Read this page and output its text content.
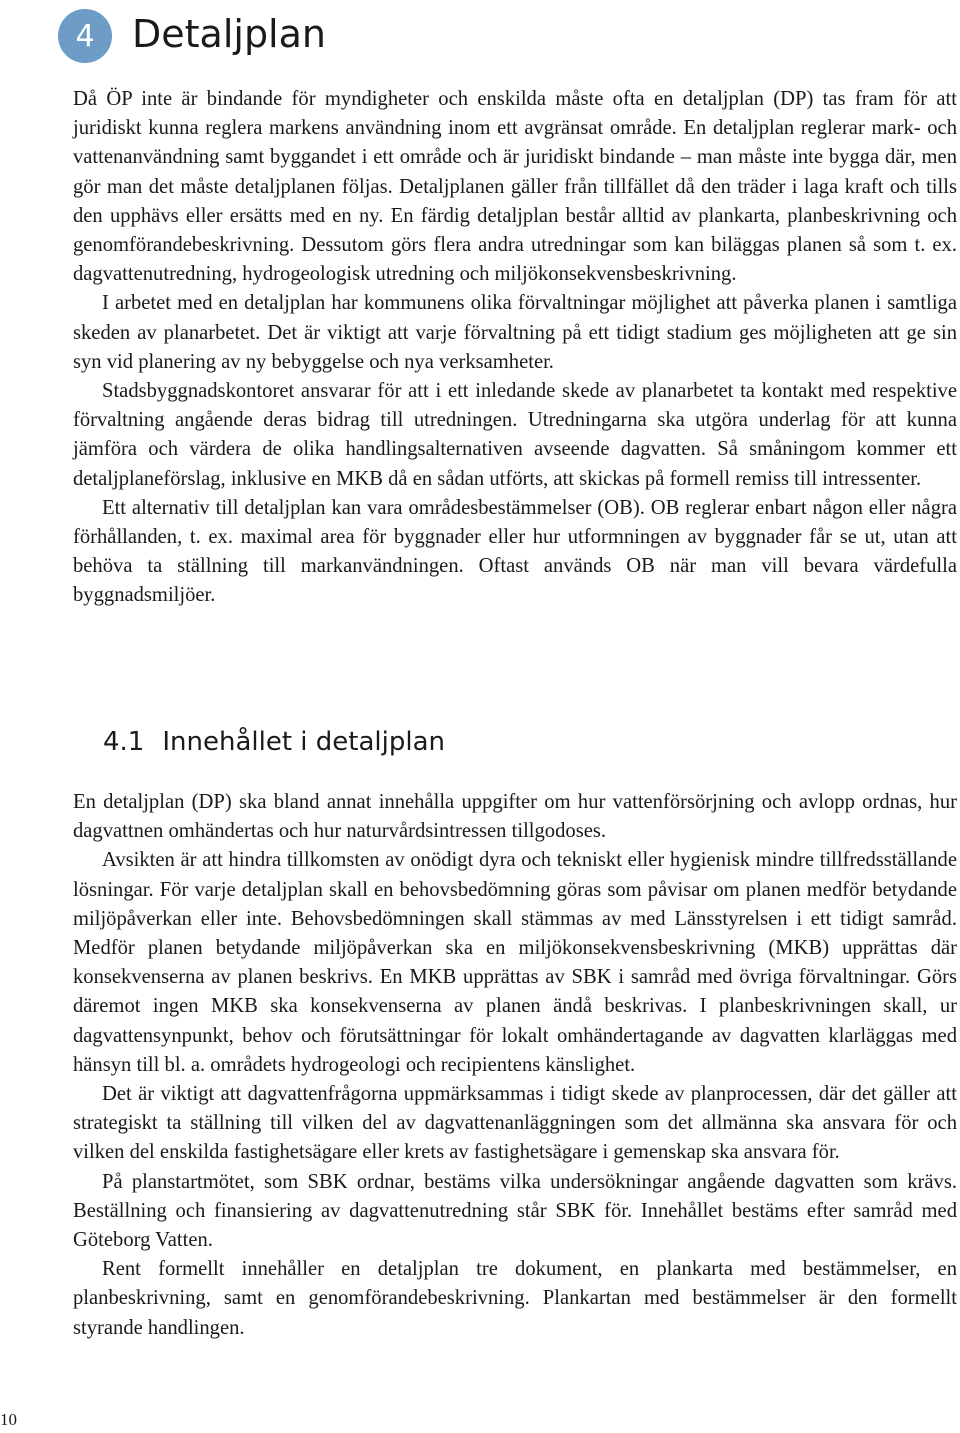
4 Detaljplan

Då ÖP inte är bindande för myndigheter och enskilda måste ofta en detaljplan (DP) tas fram för att juridiskt kunna reglera markens användning inom ett avgränsat område. En detaljplan reglerar mark- och vattenanvändning samt byggandet i ett område och är juridiskt bindande – man måste inte bygga där, men gör man det måste detaljplanen följas. Detaljplanen gäller från tillfället då den träder i laga kraft och tills den upphävs eller ersätts med en ny. En färdig detaljplan består alltid av plankarta, planbeskrivning och genomförandebeskrivning. Dessutom görs flera andra utredningar som kan biläggas planen så som t. ex. dagvattenutredning, hydrogeologisk utredning och miljökonsekvensbeskrivning.

I arbetet med en detaljplan har kommunens olika förvaltningar möjlighet att påverka planen i samtliga skeden av planarbetet. Det är viktigt att varje förvaltning på ett tidigt stadium ges möjligheten att ge sin syn vid planering av ny bebyggelse och nya verksamheter.

Stadsbyggnadskontoret ansvarar för att i ett inledande skede av planarbetet ta kontakt med respektive förvaltning angående deras bidrag till utredningen. Utredningarna ska utgöra underlag för att kunna jämföra och värdera de olika handlingsalternativen avseende dagvatten. Så småningom kommer ett detaljplaneförslag, inklusive en MKB då en sådan utförts, att skickas på formell remiss till intressenter.

Ett alternativ till detaljplan kan vara områdesbestämmelser (OB). OB reglerar enbart någon eller några förhållanden, t. ex. maximal area för byggnader eller hur utformningen av byggnader får se ut, utan att behöva ta ställning till markanvändningen. Oftast används OB när man vill bevara värdefulla byggnadsmiljöer.

4.1 Innehållet i detaljplan

En detaljplan (DP) ska bland annat innehålla uppgifter om hur vattenförsörjning och avlopp ordnas, hur dagvattnen omhändertas och hur naturvårdsintressen tillgodoses.

Avsikten är att hindra tillkomsten av onödigt dyra och tekniskt eller hygienisk mindre tillfredsställande lösningar. För varje detaljplan skall en behovsbedömning göras som påvisar om planen medför betydande miljöpåverkan eller inte. Behovsbedömningen skall stämmas av med Länsstyrelsen i ett tidigt samråd. Medför planen betydande miljöpåverkan ska en miljökonsekvensbeskrivning (MKB) upprättas där konsekvenserna av planen beskrivs. En MKB upprättas av SBK i samråd med övriga förvaltningar. Görs däremot ingen MKB ska konsekvenserna av planen ändå beskrivas. I planbeskrivningen skall, ur dagvattensynpunkt, behov och förutsättningar för lokalt omhändertagande av dagvatten klarläggas med hänsyn till bl. a. områdets hydrogeologi och recipientens känslighet.

Det är viktigt att dagvattenfrågorna uppmärksammas i tidigt skede av planprocessen, där det gäller att strategiskt ta ställning till vilken del av dagvattenanläggningen som det allmänna ska ansvara för och vilken del enskilda fastighetsägare eller krets av fastighetsägare i gemenskap ska ansvara för.

På planstartmötet, som SBK ordnar, bestäms vilka undersökningar angående dagvatten som krävs. Beställning och finansiering av dagvattenutredning står SBK för. Innehållet bestäms efter samråd med Göteborg Vatten.

Rent formellt innehåller en detaljplan tre dokument, en plankarta med bestämmelser, en planbeskrivning, samt en genomförandebeskrivning. Plankartan med bestämmelser är den formellt styrande handlingen.

10
